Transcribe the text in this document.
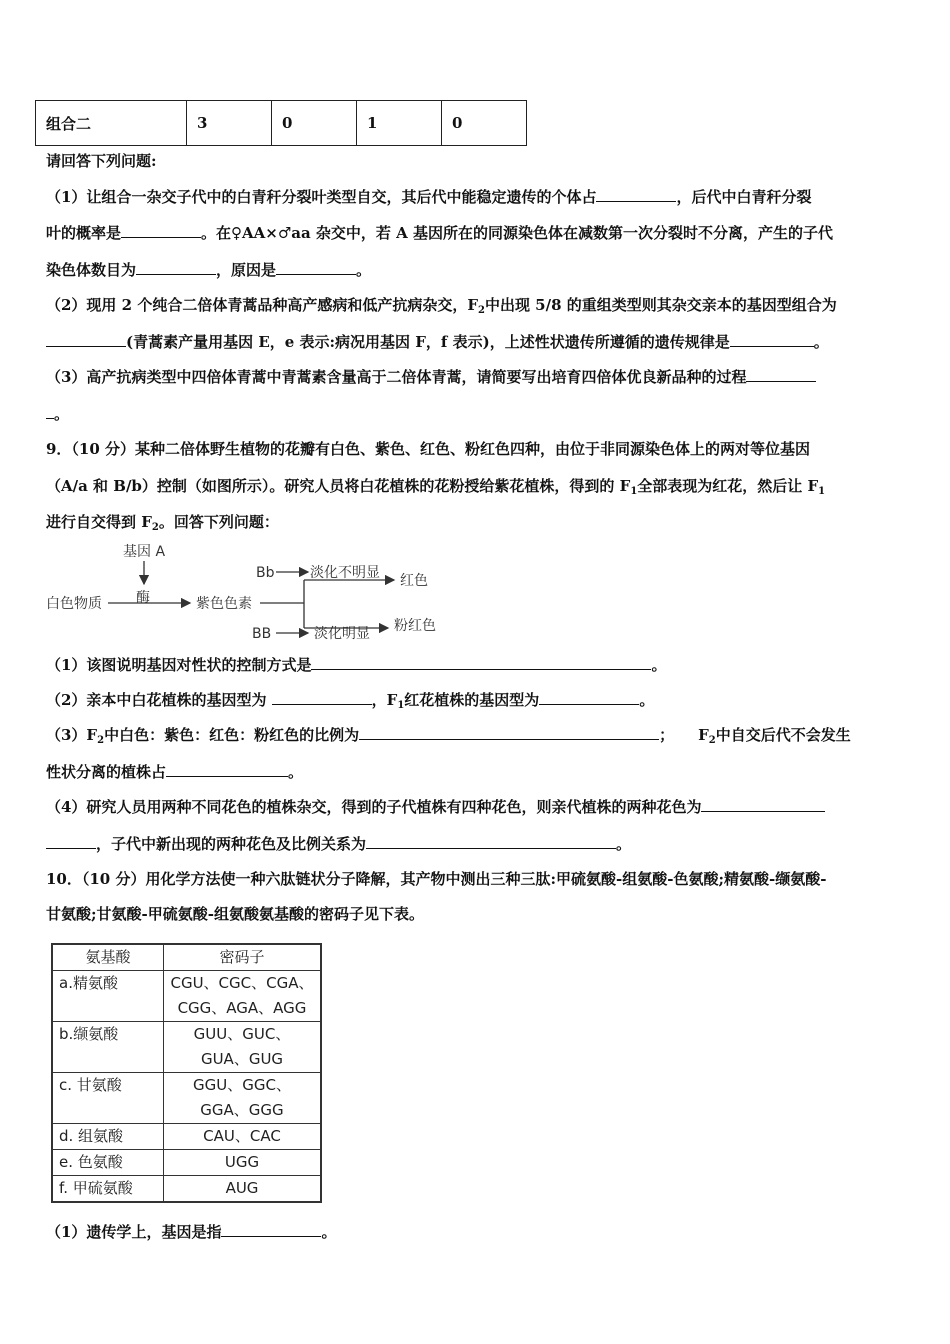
组合二	3	0	1	0
请回答下列问题:
（1）让组合一杂交子代中的白青秆分裂叶类型自交，其后代中能稳定遗传的个体占	，后代中白青秆分裂
叶的概率是	。在♀AA×♂aa 杂交中，若 A 基因所在的同源染色体在减数第一次分裂时不分离，产生的子代
染色体数目为	，原因是	。
（2）现用 2 个纯合二倍体青蒿品种高产感病和低产抗病杂交，$F_2$中出现 5/8 的重组类型则其杂交亲本的基因型组合为
(青蒿素产量用基因 E，e 表示:病况用基因 F，f 表示)，上述性状遗传所遵循的遗传规律是	。
（3）高产抗病类型中四倍体青蒿中青蒿素含量高于二倍体青蒿，请简要写出培育四倍体优良新品种的过程
。
9．（10 分）某种二倍体野生植物的花瓣有白色、紫色、红色、粉红色四种，由位于非同源染色体上的两对等位基因
（A/a 和 B/b）控制（如图所示）。研究人员将白花植株的花粉授给紫花植株，得到的 $F_1$全部表现为红花，然后让 $F_1$
进行自交得到 $F_2$。回答下列问题：
基因 A
酶
白色物质	紫色色素
Bb	淡化不明显 红色
BB	淡化明显 粉红色
（1）该图说明基因对性状的控制方式是	。
（2）亲本中白花植株的基因型为	，$F_1$红花植株的基因型为	。
$(3)F_2$中白色：紫色：红色：粉红色的比例为	； $F_2$中自交后代不会发生
性状分离的植株占	。
（4）研究人员用两种不同花色的植株杂交，得到的子代植株有四种花色，则亲代植株的两种花色为
，子代中新出现的两种花色及比例关系为	。
10．（10 分）用化学方法使一种六肽链状分子降解，其产物中测出三种三肽:甲硫氨酸-组氨酸-色氨酸;精氨酸-缬氨酸-
甘氨酸;甘氨酸-甲硫氨酸-组氨酸氨基酸的密码子见下表。
氨基酸	密码子
a.精氨酸	CGU、CGC、CGA、
CGG、AGA、AGG

b.缬氨酸	GUU、GUC、
GUA、GUG

c. 甘氨酸	GGU、GGC、
GGA、GGG

d. 组氨酸	CAU、CAC
e. 色氨酸	UGG
f. 甲硫氨酸	AUG
（1）遗传学上，基因是指	。
